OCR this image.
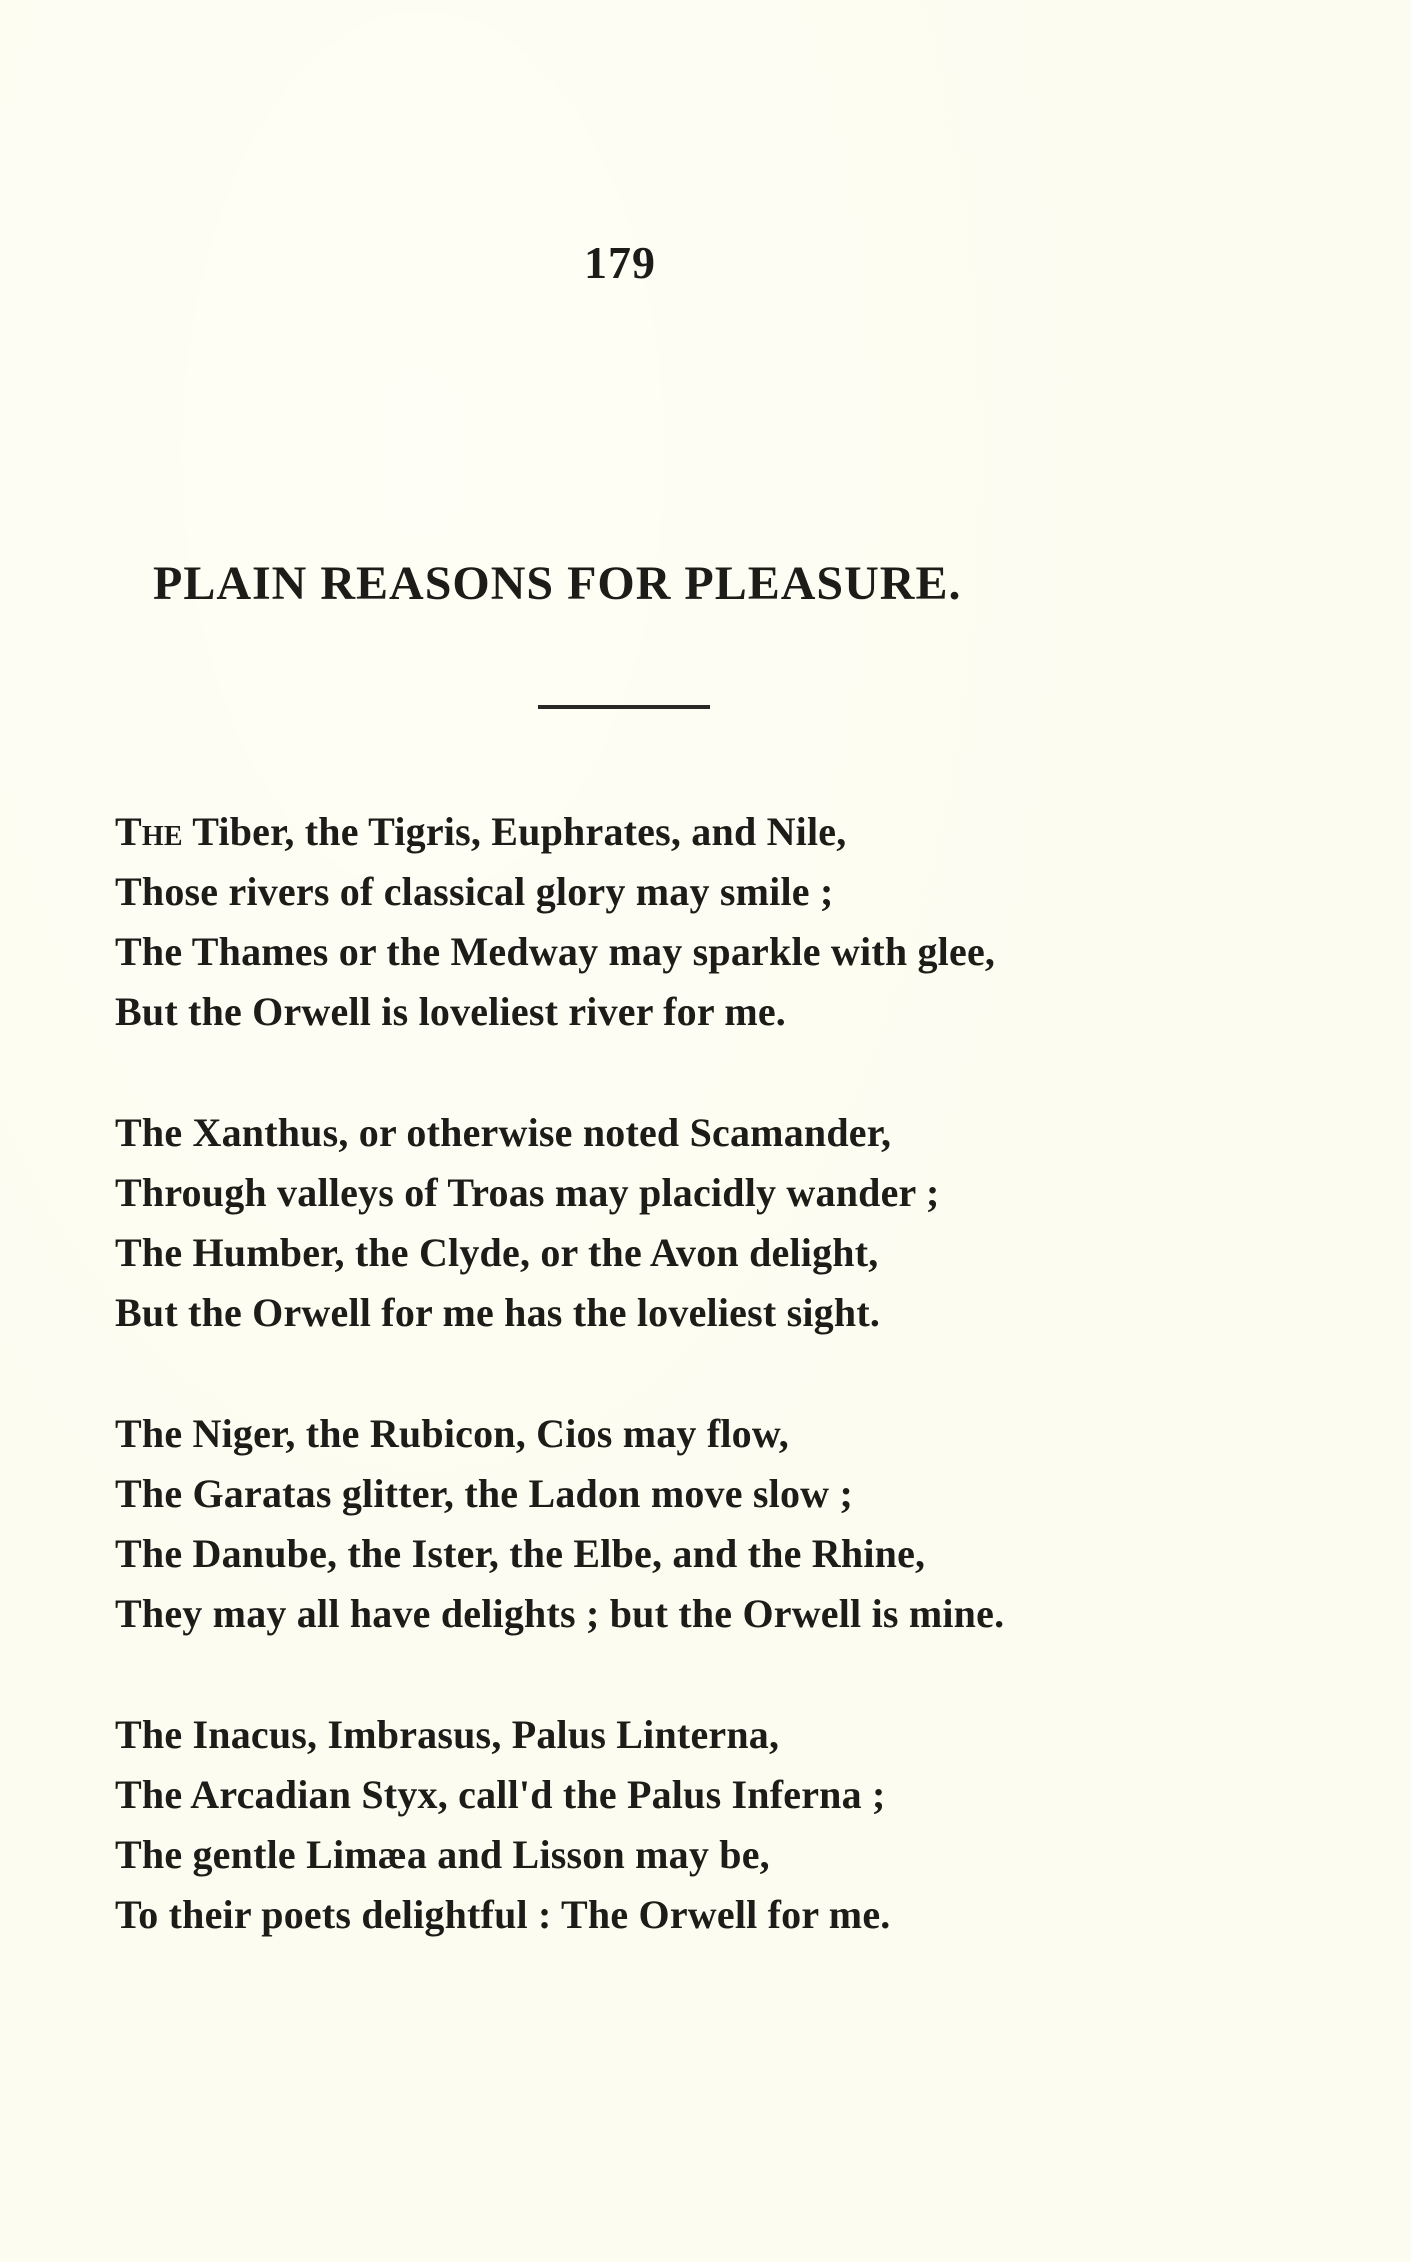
179
PLAIN REASONS FOR PLEASURE.
The Tiber, the Tigris, Euphrates, and Nile,
Those rivers of classical glory may smile ;
The Thames or the Medway may sparkle with glee,
But the Orwell is loveliest river for me.
The Xanthus, or otherwise noted Scamander,
Through valleys of Troas may placidly wander ;
The Humber, the Clyde, or the Avon delight,
But the Orwell for me has the loveliest sight.
The Niger, the Rubicon, Cios may flow,
The Garatas glitter, the Ladon move slow ;
The Danube, the Ister, the Elbe, and the Rhine,
They may all have delights ; but the Orwell is mine.
The Inacus, Imbrasus, Palus Linterna,
The Arcadian Styx, call'd the Palus Inferna ;
The gentle Limæa and Lisson may be,
To their poets delightful : The Orwell for me.
